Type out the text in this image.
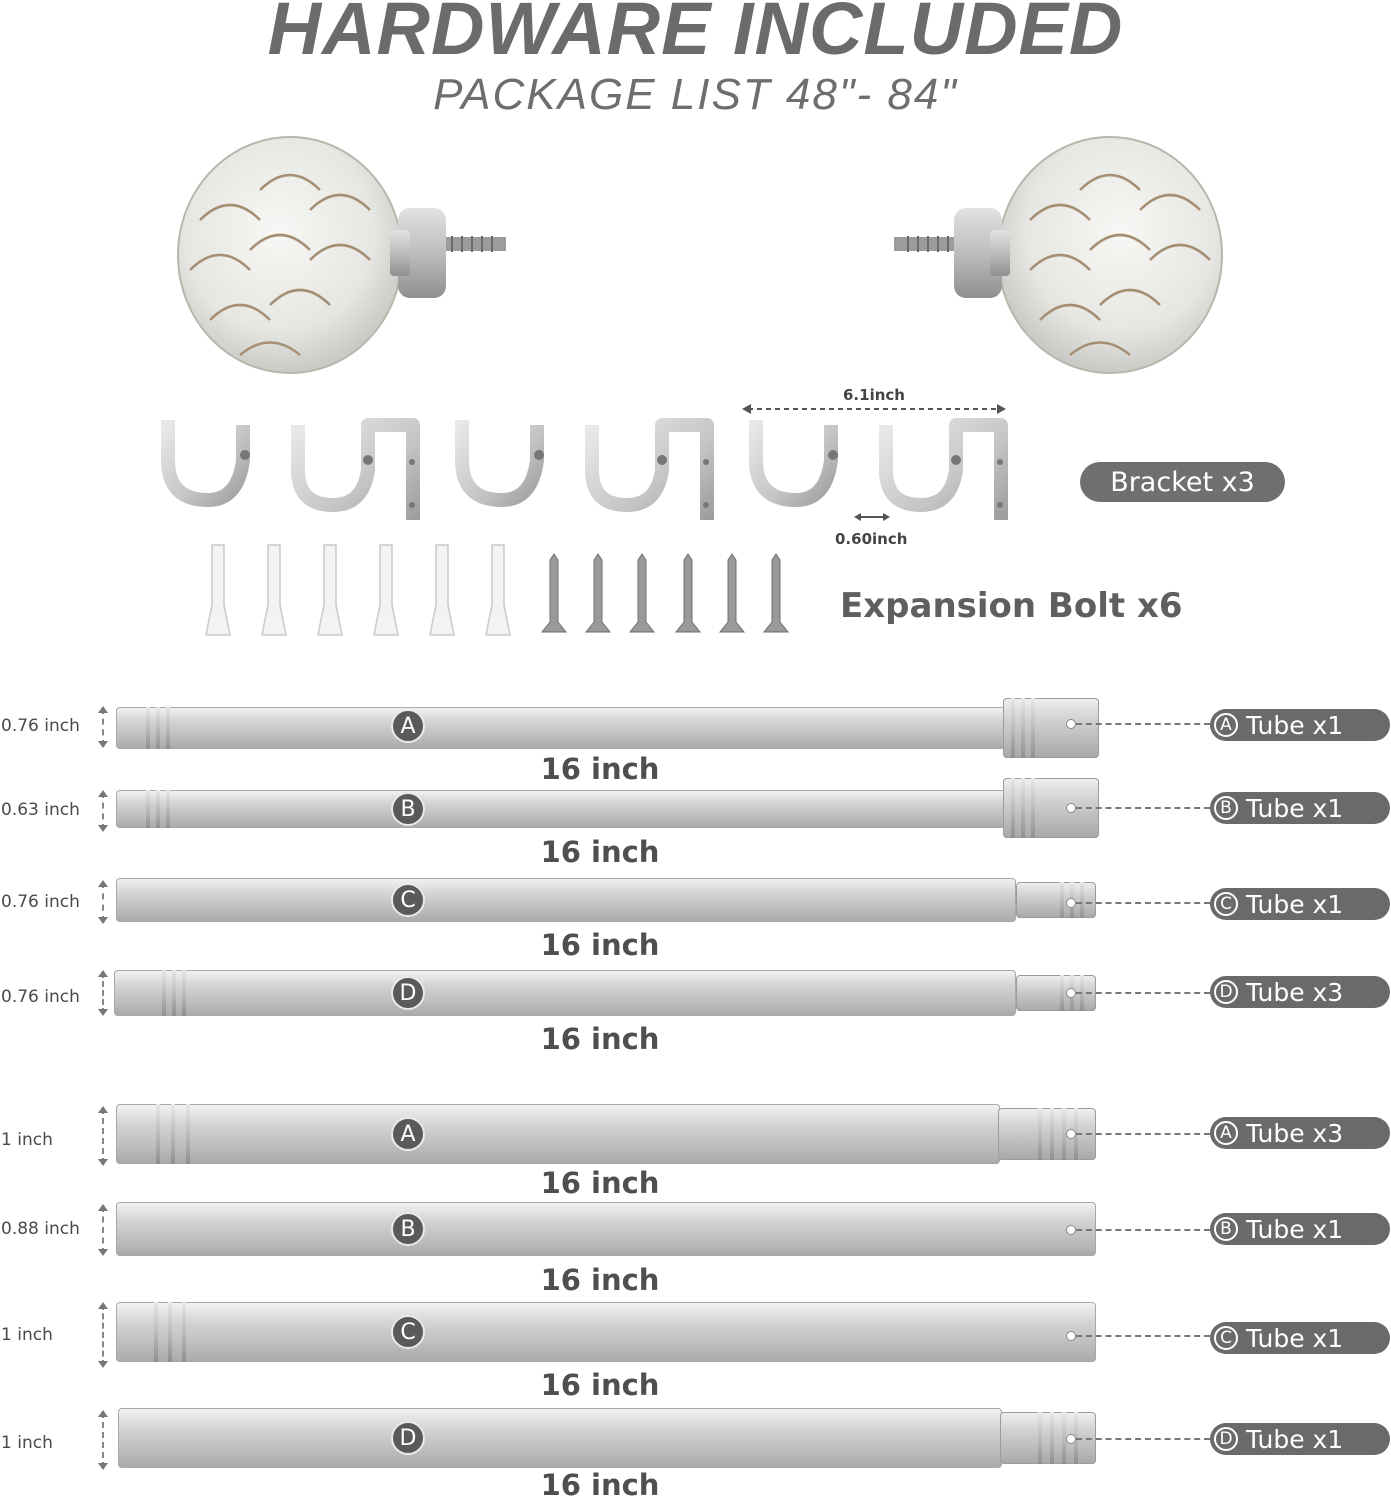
HARDWARE INCLUDED
PACKAGE LIST 48"- 84"
6.1inch
0.60inch
Bracket x3
Expansion Bolt x6
0.76 inch	A
16 inch
A Tube x1
0.63 inch	B
16 inch
B Tube x1
0.76 inch	C
16 inch
C Tube x1
0.76 inch	D
16 inch
D Tube x3
1 inch	A
16 inch
A Tube x3
0.88 inch	B
16 inch
B Tube x1
1 inch	C
16 inch
C Tube x1
1 inch	D
16 inch
D Tube x1
